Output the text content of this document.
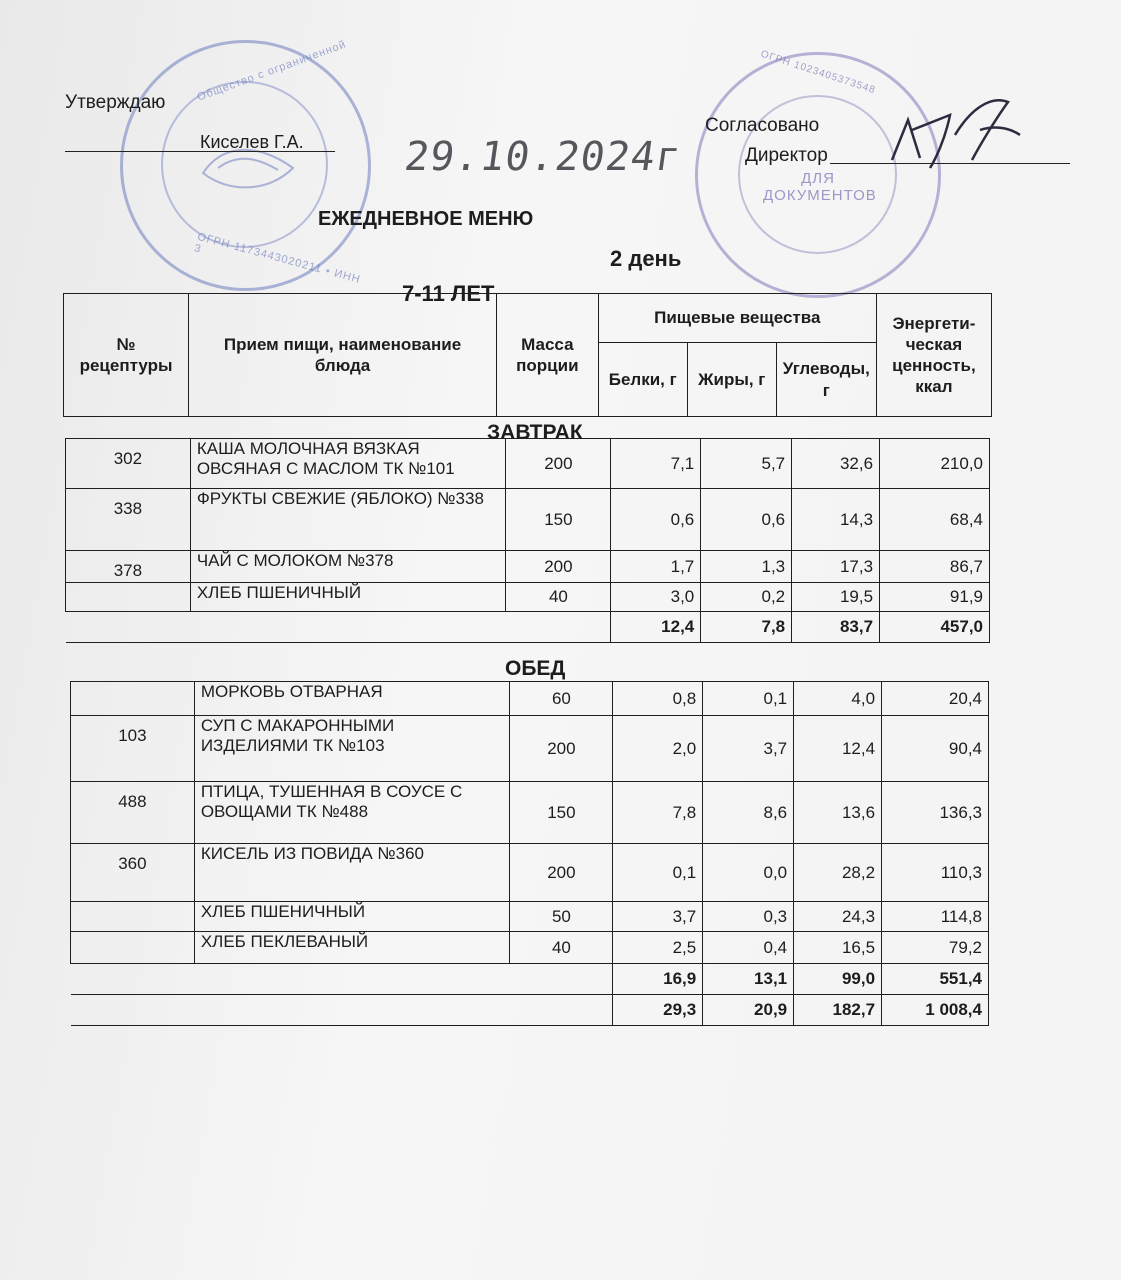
Общество с ограниченной
ОГРН 1173443020211 • ИНН 3
ОГРН 1023405373548
ДЛЯ ДОКУМЕНТОВ
Утверждаю
Киселев Г.А.
Согласовано
Директор
29.10.2024г
ЕЖЕДНЕВНОЕ МЕНЮ
2 день
7-11 ЛЕТ
№ рецептуры	Прием пищи, наименование блюда	Масса порции	Пищевые вещества			Энергети-ческая ценность, ккал
			Белки, г	Жиры, г	Углеводы, г	
ЗАВТРАК
302	КАША МОЛОЧНАЯ ВЯЗКАЯ ОВСЯНАЯ С МАСЛОМ ТК №101	200	7,1	5,7	32,6	210,0
338	ФРУКТЫ СВЕЖИЕ (ЯБЛОКО) №338	150	0,6	0,6	14,3	68,4
378	ЧАЙ С МОЛОКОМ №378	200	1,7	1,3	17,3	86,7
	ХЛЕБ ПШЕНИЧНЫЙ	40	3,0	0,2	19,5	91,9
			12,4	7,8	83,7	457,0
ОБЕД
	МОРКОВЬ ОТВАРНАЯ	60	0,8	0,1	4,0	20,4
103	СУП С МАКАРОННЫМИ ИЗДЕЛИЯМИ ТК №103	200	2,0	3,7	12,4	90,4
488	ПТИЦА, ТУШЕННАЯ В СОУСЕ С ОВОЩАМИ ТК №488	150	7,8	8,6	13,6	136,3
360	КИСЕЛЬ ИЗ ПОВИДА №360	200	0,1	0,0	28,2	110,3
	ХЛЕБ ПШЕНИЧНЫЙ	50	3,7	0,3	24,3	114,8
	ХЛЕБ ПЕКЛЕВАНЫЙ	40	2,5	0,4	16,5	79,2
			16,9	13,1	99,0	551,4
			29,3	20,9	182,7	1 008,4
